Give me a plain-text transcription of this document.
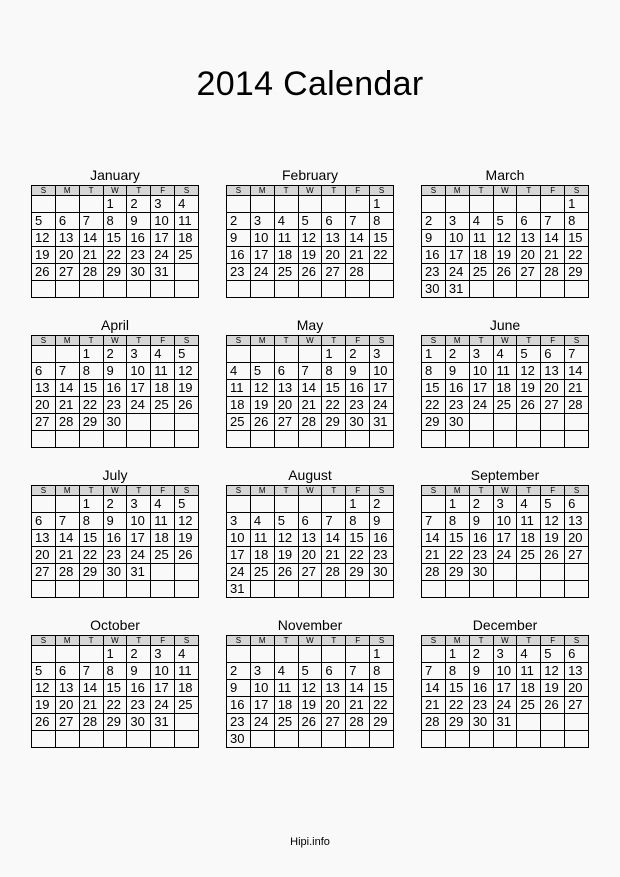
2014 Calendar
January
S	M	T	W	T	F	S
			1	2	3	4
5	6	7	8	9	10	11
12	13	14	15	16	17	18
19	20	21	22	23	24	25
26	27	28	29	30	31	

February
S	M	T	W	T	F	S
						1
2	3	4	5	6	7	8
9	10	11	12	13	14	15
16	17	18	19	20	21	22
23	24	25	26	27	28	

March
S	M	T	W	T	F	S
						1
2	3	4	5	6	7	8
9	10	11	12	13	14	15
16	17	18	19	20	21	22
23	24	25	26	27	28	29
30	31					
April
S	M	T	W	T	F	S
		1	2	3	4	5
6	7	8	9	10	11	12
13	14	15	16	17	18	19
20	21	22	23	24	25	26
27	28	29	30			

May
S	M	T	W	T	F	S
				1	2	3
4	5	6	7	8	9	10
11	12	13	14	15	16	17
18	19	20	21	22	23	24
25	26	27	28	29	30	31

June
S	M	T	W	T	F	S
1	2	3	4	5	6	7
8	9	10	11	12	13	14
15	16	17	18	19	20	21
22	23	24	25	26	27	28
29	30					

July
S	M	T	W	T	F	S
		1	2	3	4	5
6	7	8	9	10	11	12
13	14	15	16	17	18	19
20	21	22	23	24	25	26
27	28	29	30	31		

August
S	M	T	W	T	F	S
					1	2
3	4	5	6	7	8	9
10	11	12	13	14	15	16
17	18	19	20	21	22	23
24	25	26	27	28	29	30
31						
September
S	M	T	W	T	F	S
	1	2	3	4	5	6
7	8	9	10	11	12	13
14	15	16	17	18	19	20
21	22	23	24	25	26	27
28	29	30				

October
S	M	T	W	T	F	S
			1	2	3	4
5	6	7	8	9	10	11
12	13	14	15	16	17	18
19	20	21	22	23	24	25
26	27	28	29	30	31	

November
S	M	T	W	T	F	S
						1
2	3	4	5	6	7	8
9	10	11	12	13	14	15
16	17	18	19	20	21	22
23	24	25	26	27	28	29
30						
December
S	M	T	W	T	F	S
	1	2	3	4	5	6
7	8	9	10	11	12	13
14	15	16	17	18	19	20
21	22	23	24	25	26	27
28	29	30	31			

Hipi.info
